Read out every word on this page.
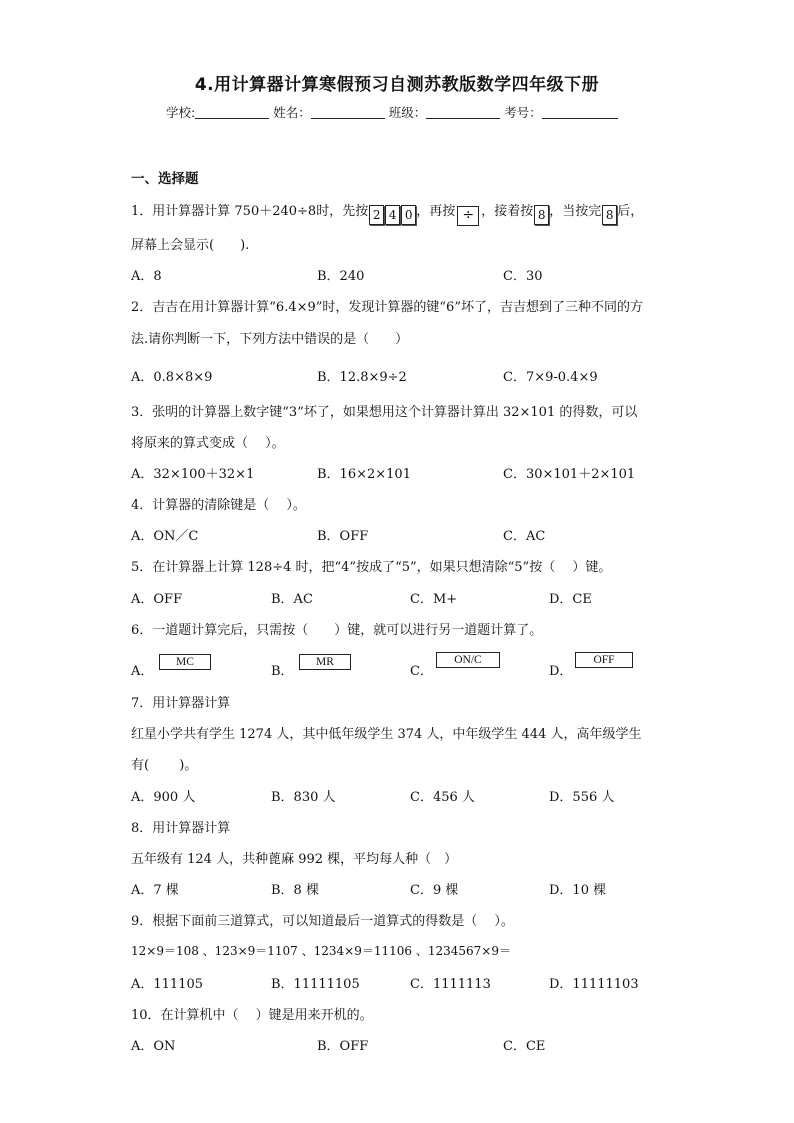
4.用计算器计算寒假预习自测苏教版数学四年级下册
学校:	姓名：	班级：	考号：
一、选择题
1．用计算器计算 750＋240÷8时，先按 2 4 0 ，再按 ÷ ，接着按 8 ，当按完 8 后，
屏幕上会显示(　　).
A．8	B．240	C．30
2．吉吉在用计算器计算“6.4×9”时，发现计算器的键“6”坏了，吉吉想到了三种不同的方
法.请你判断一下，下列方法中错误的是（　　）
A．0.8×8×9	B．12.8×9÷2	C．7×9-0.4×9
3．张明的计算器上数字键“3”坏了，如果想用这个计算器计算出 32×101 的得数，可以
将原来的算式变成（　 ）。
A．32×100＋32×1	B．16×2×101	C．30×101＋2×101
4．计算器的清除键是（　 ）。
A．ON／C	B．OFF	C．AC
5．在计算器上计算 128÷4 时，把“4”按成了“5”，如果只想清除“5”按（　 ）键。
A．OFF	B．AC	C．M+	D．CE
6．一道题计算完后，只需按（　　）键，就可以进行另一道题计算了。
A．
MC
B．
MR
C．
ON/C
D．
OFF
7．用计算器计算
红星小学共有学生 1274 人，其中低年级学生 374 人，中年级学生 444 人，高年级学生
有(　　 )。
A．900 人	B．830 人	C．456 人	D．556 人
8．用计算器计算
五年级有 124 人，共种蓖麻 992 棵，平均每人种（　）
A．7 棵	B．8 棵	C．9 棵	D．10 棵
9．根据下面前三道算式，可以知道最后一道算式的得数是（　 ）。
12×9＝108 、123×9＝1107 、1234×9＝11106 、1234567×9＝
A．111105	B．11111105	C．1111113	D．11111103
10．在计算机中（　 ）键是用来开机的。
A．ON	B．OFF	C．CE
